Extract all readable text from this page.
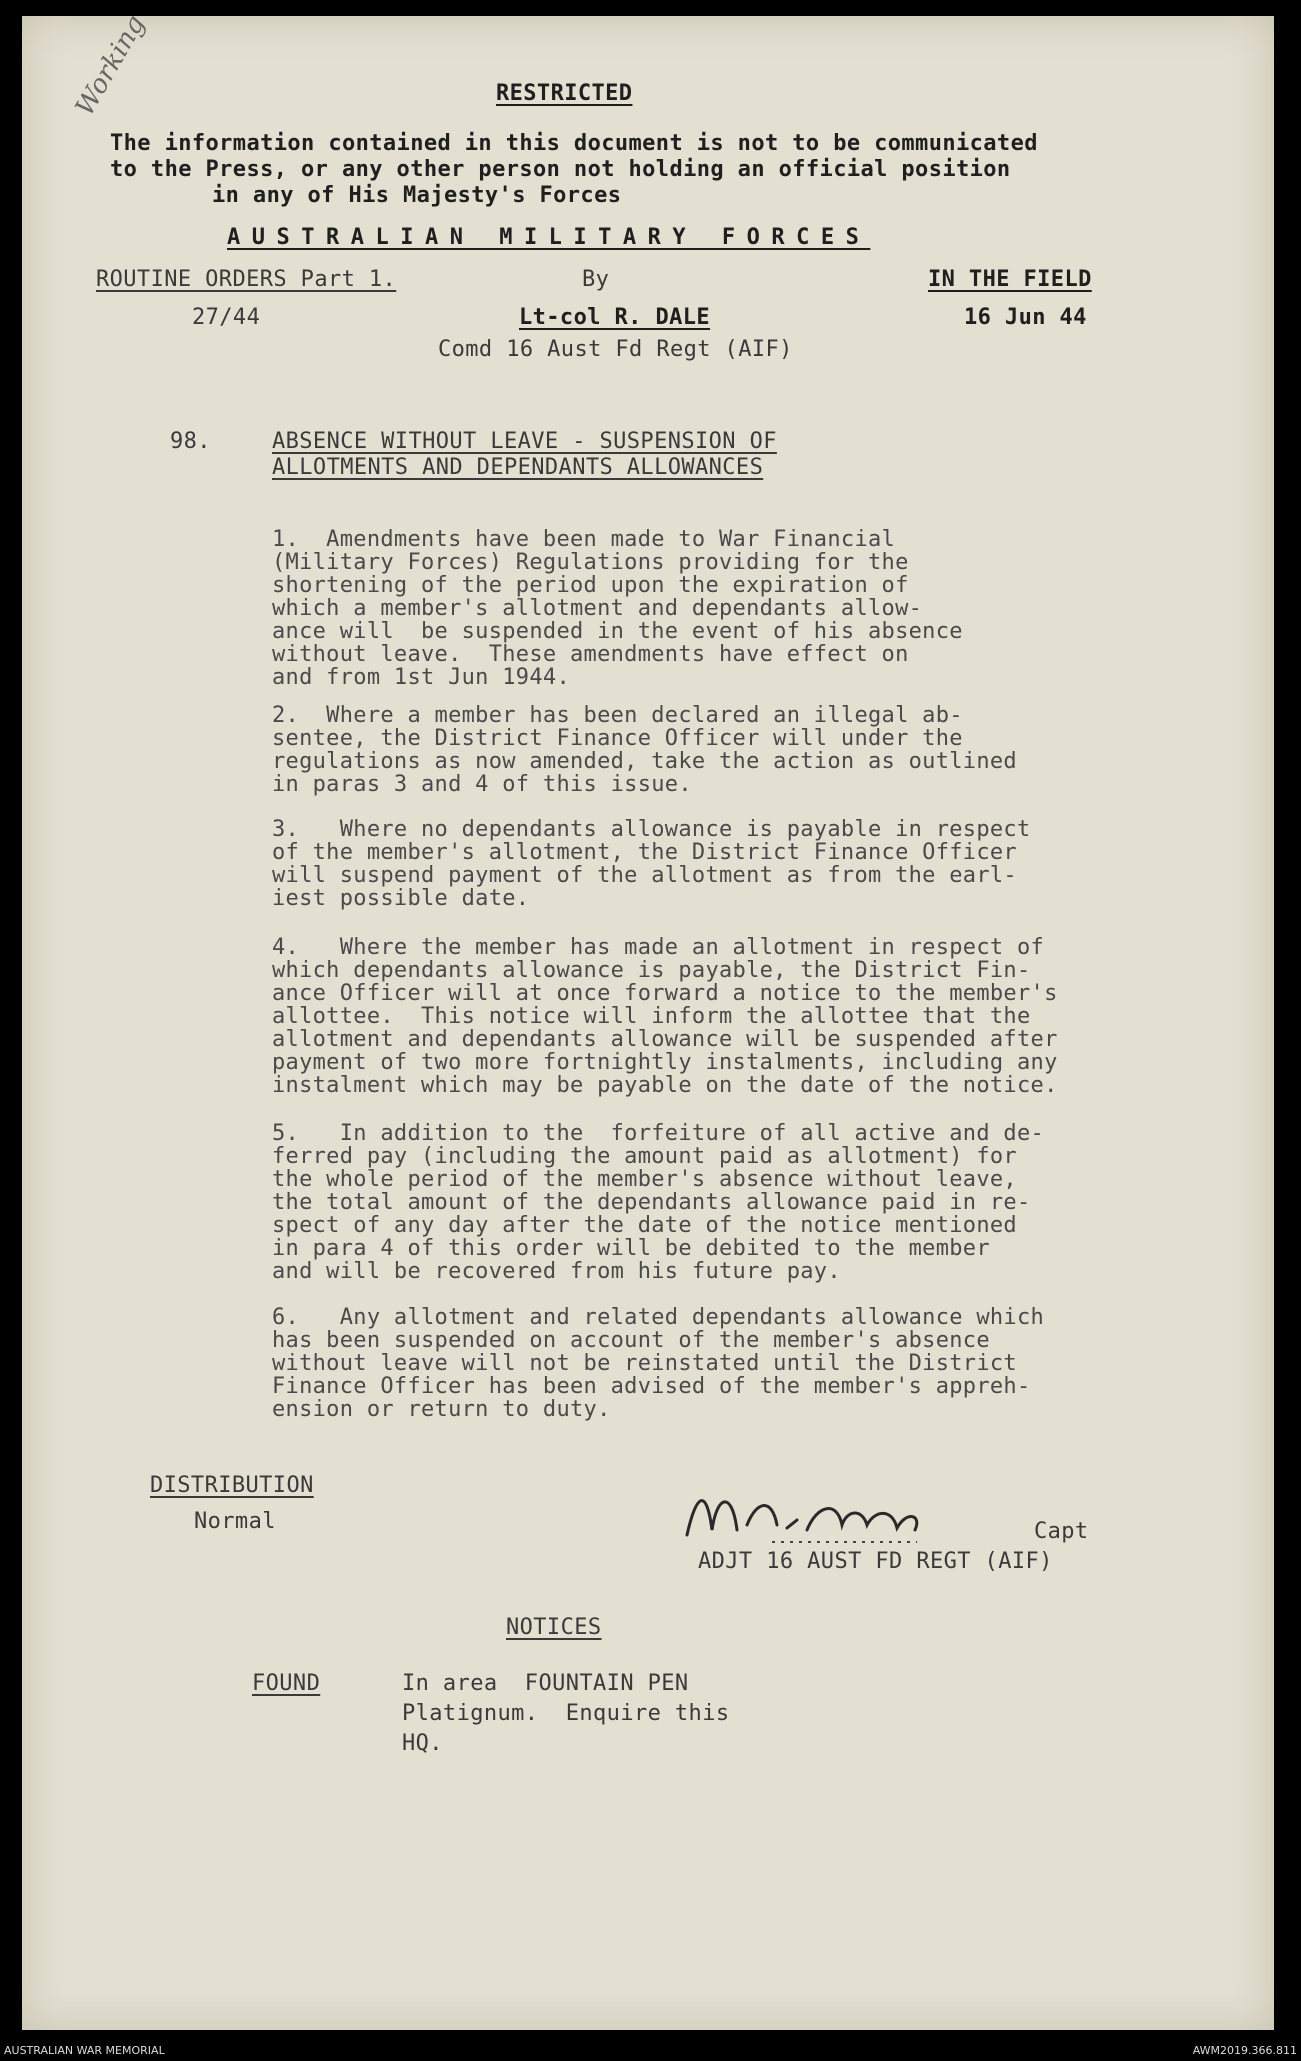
Working	RESTRICTED
The information contained in this document is not to be communicated
to the Press, or any other person not holding an official position
in any of His Majesty's Forces
AUSTRALIAN MILITARY FORCES
ROUTINE ORDERS Part 1.	By	IN THE FIELD
27/44	Lt-col R. DALE	16 Jun 44
Comd 16 Aust Fd Regt (AIF)
98.	ABSENCE WITHOUT LEAVE - SUSPENSION OF
ALLOTMENTS AND DEPENDANTS ALLOWANCES
1.  Amendments have been made to War Financial
(Military Forces) Regulations providing for the
shortening of the period upon the expiration of
which a member's allotment and dependants allow-
ance will  be suspended in the event of his absence
without leave.  These amendments have effect on
and from 1st Jun 1944.
2.  Where a member has been declared an illegal ab-
sentee, the District Finance Officer will under the
regulations as now amended, take the action as outlined
in paras 3 and 4 of this issue.
3.   Where no dependants allowance is payable in respect
of the member's allotment, the District Finance Officer
will suspend payment of the allotment as from the earl-
iest possible date.
4.   Where the member has made an allotment in respect of
which dependants allowance is payable, the District Fin-
ance Officer will at once forward a notice to the member's
allottee.  This notice will inform the allottee that the
allotment and dependants allowance will be suspended after
payment of two more fortnightly instalments, including any
instalment which may be payable on the date of the notice.
5.   In addition to the  forfeiture of all active and de-
ferred pay (including the amount paid as allotment) for
the whole period of the member's absence without leave,
the total amount of the dependants allowance paid in re-
spect of any day after the date of the notice mentioned
in para 4 of this order will be debited to the member
and will be recovered from his future pay.
6.   Any allotment and related dependants allowance which
has been suspended on account of the member's absence
without leave will not be reinstated until the District
Finance Officer has been advised of the member's appreh-
ension or return to duty.
DISTRIBUTION
Normal	Capt
ADJT 16 AUST FD REGT (AIF)
NOTICES
FOUND	In area  FOUNTAIN PEN
Platignum.  Enquire this
HQ.
AUSTRALIAN WAR MEMORIAL	AWM2019.366.811
